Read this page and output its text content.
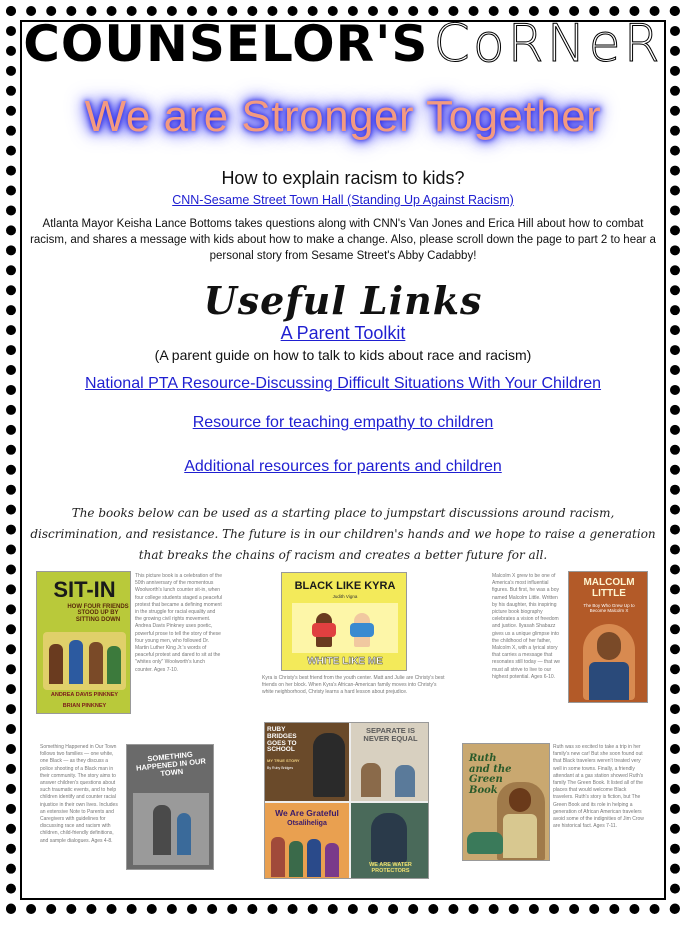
COUNSELOR'S CoRNeR
We are Stronger Together
How to explain racism to kids?
CNN-Sesame Street Town Hall (Standing Up Against Racism)
Atlanta Mayor Keisha Lance Bottoms takes questions along with CNN's Van Jones and Erica Hill about how to combat racism, and shares a message with kids about how to make a change. Also, please scroll down the page to part 2 to hear a personal story from Sesame Street's Abby Cadabby!
Useful Links
A Parent Toolkit
(A parent guide on how to talk to kids about race and racism)
National PTA Resource-Discussing Difficult Situations With Your Children
Resource for teaching empathy to children
Additional resources for parents and children
The books below can be used as a starting place to jumpstart discussions around racism, discrimination, and resistance. The future is in our children's hands and we hope to raise a generation that breaks the chains of racism and creates a better future for all.
SIT-IN
HOW FOUR FRIENDS STOOD UP BY SITTING DOWN
ANDREA DAVIS PINKNEY
BRIAN PINKNEY
This picture book is a celebration of the 50th anniversary of the momentous Woolworth's lunch counter sit-in, when four college students staged a peaceful protest that became a defining moment in the struggle for racial equality and the growing civil rights movement. Andrea Davis Pinkney uses poetic, powerful prose to tell the story of these four young men, who followed Dr. Martin Luther King Jr.'s words of peaceful protest and dared to sit at the "whites only" Woolworth's lunch counter. Ages 7-10.
BLACK LIKE KYRA
Judith Vigna
WHITE LIKE ME
Kyra is Christy's best friend from the youth center. Matt and Julie are Christy's best friends on her block. When Kyra's African-American family moves into Christy's white neighborhood, Christy learns a hard lesson about prejudice.
Malcolm X grew to be one of America's most influential figures. But first, he was a boy named Malcolm Little. Written by his daughter, this inspiring picture book biography celebrates a vision of freedom and justice. Ilyasah Shabazz gives us a unique glimpse into the childhood of her father, Malcolm X, with a lyrical story that carries a message that resonates still today — that we must all strive to live to our highest potential. Ages 6-10.
MALCOLM LITTLE
The Boy Who Grew Up to Become Malcolm X
Something Happened in Our Town follows two families — one white, one Black — as they discuss a police shooting of a Black man in their community. The story aims to answer children's questions about such traumatic events, and to help children identify and counter racial injustice in their own lives. Includes an extensive Note to Parents and Caregivers with guidelines for discussing race and racism with children, child-friendly definitions, and sample dialogues. Ages 4-8.
SOMETHING HAPPENED IN OUR TOWN
RUBY BRIDGES GOES TO SCHOOL
MY TRUE STORY
By Ruby Bridges
SEPARATE IS NEVER EQUAL
We Are Grateful
Otsaliheliga
WE ARE WATER PROTECTORS
Ruth and the Green Book
Ruth was so excited to take a trip in her family's new car! But she soon found out that Black travelers weren't treated very well in some towns. Finally, a friendly attendant at a gas station showed Ruth's family The Green Book. It listed all of the places that would welcome Black travelers. Ruth's story is fiction, but The Green Book and its role in helping a generation of African American travelers avoid some of the indignities of Jim Crow are historical fact. Ages 7-11.
